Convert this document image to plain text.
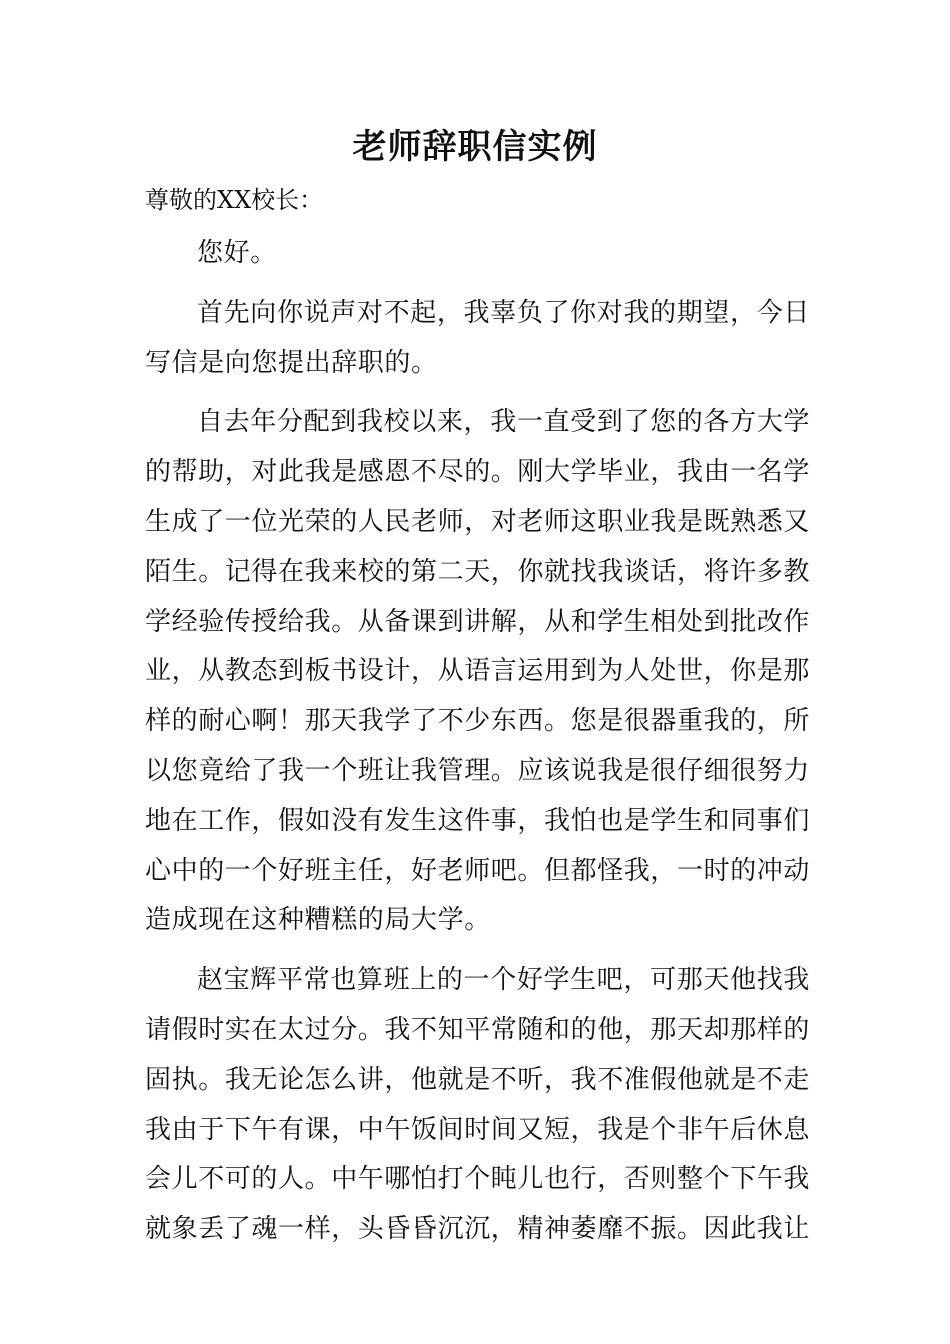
老师辞职信实例

尊敬的XX校长：

您好。

首先向你说声对不起，我辜负了你对我的期望，今日写信是向您提出辞职的。

自去年分配到我校以来，我一直受到了您的各方大学的帮助，对此我是感恩不尽的。刚大学毕业，我由一名学生成了一位光荣的人民老师，对老师这职业我是既熟悉又陌生。记得在我来校的第二天，你就找我谈话，将许多教学经验传授给我。从备课到讲解，从和学生相处到批改作业，从教态到板书设计，从语言运用到为人处世，你是那样的耐心啊！那天我学了不少东西。您是很器重我的，所以您竟给了我一个班让我管理。应该说我是很仔细很努力地在工作，假如没有发生这件事，我怕也是学生和同事们心中的一个好班主任，好老师吧。但都怪我，一时的冲动造成现在这种糟糕的局大学。

赵宝辉平常也算班上的一个好学生吧，可那天他找我请假时实在太过分。我不知平常随和的他，那天却那样的固执。我无论怎么讲，他就是不听，我不准假他就是不走我由于下午有课，中午饭间时间又短，我是个非午后休息会儿不可的人。中午哪怕打个盹儿也行，否则整个下午我就象丢了魂一样，头昏昏沉沉，精神萎靡不振。因此我让
